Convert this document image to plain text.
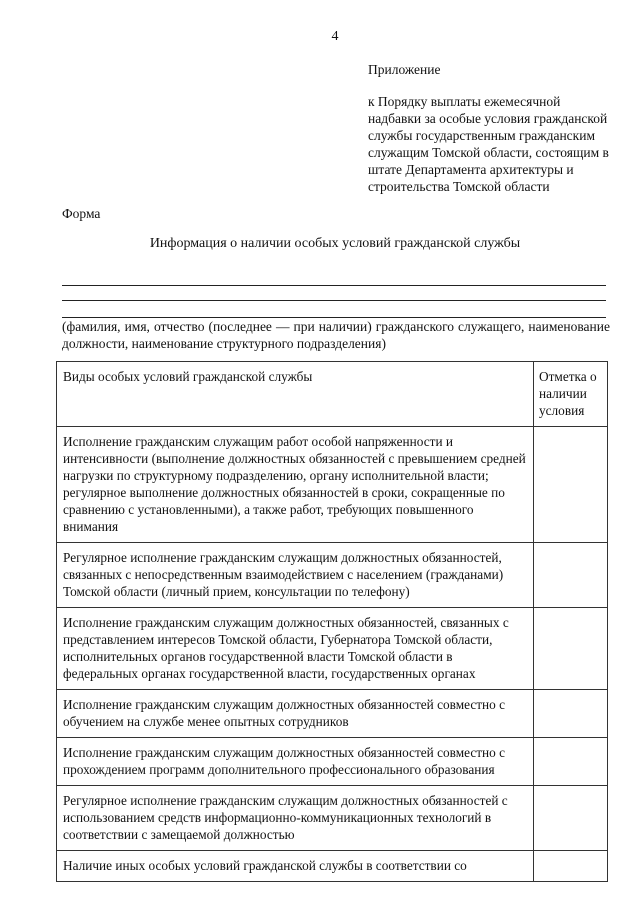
4
Приложение
к Порядку выплаты ежемесячной надбавки за особые условия гражданской службы государственным гражданским служащим Томской области, состоящим в штате Департамента архитектуры и строительства Томской области
Форма
Информация о наличии особых условий гражданской службы
(фамилия, имя, отчество (последнее — при наличии) гражданского служащего, наименование должности, наименование структурного подразделения)
Виды особых условий гражданской службы	Отметка о наличии условия
Исполнение гражданским служащим работ особой напряженности и интенсивности (выполнение должностных обязанностей с превышением средней нагрузки по структурному подразделению, органу исполнительной власти; регулярное выполнение должностных обязанностей в сроки, сокращенные по сравнению с установленными), а также работ, требующих повышенного внимания	
Регулярное исполнение гражданским служащим должностных обязанностей, связанных с непосредственным взаимодействием с населением (гражданами) Томской области (личный прием, консультации по телефону)	
Исполнение гражданским служащим должностных обязанностей, связанных с представлением интересов Томской области, Губернатора Томской области, исполнительных органов государственной власти Томской области в федеральных органах государственной власти, государственных органах	
Исполнение гражданским служащим должностных обязанностей совместно с обучением на службе менее опытных сотрудников	
Исполнение гражданским служащим должностных обязанностей совместно с прохождением программ дополнительного профессионального образования	
Регулярное исполнение гражданским служащим должностных обязанностей с использованием средств информационно-коммуникационных технологий в соответствии с замещаемой должностью	
Наличие иных особых условий гражданской службы в соответствии со	
